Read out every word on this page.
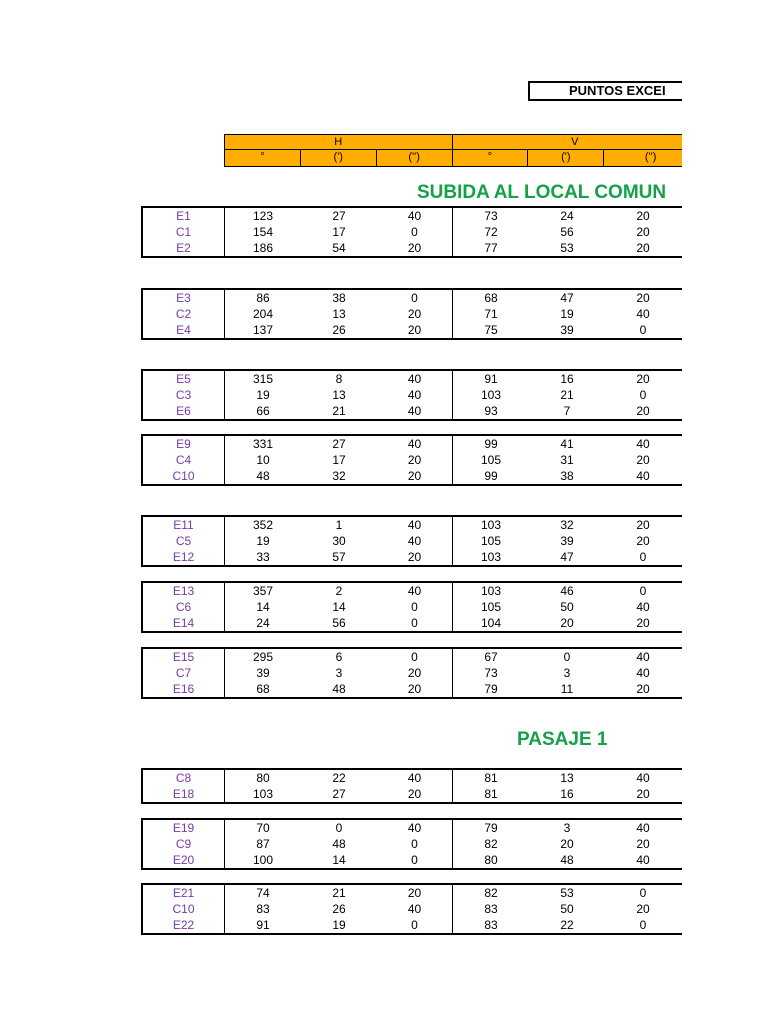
PUNTOS EXCEI
H	V
°	(')	('')	°	(')	('')
SUBIDA AL LOCAL COMUN
PASAJE 1
E1	123	27	40	73	24	20
C1	154	17	0	72	56	20
E2	186	54	20	77	53	20
E3	86	38	0	68	47	20
C2	204	13	20	71	19	40
E4	137	26	20	75	39	0
E5	315	8	40	91	16	20
C3	19	13	40	103	21	0
E6	66	21	40	93	7	20
E9	331	27	40	99	41	40
C4	10	17	20	105	31	20
C10	48	32	20	99	38	40
E11	352	1	40	103	32	20
C5	19	30	40	105	39	20
E12	33	57	20	103	47	0
E13	357	2	40	103	46	0
C6	14	14	0	105	50	40
E14	24	56	0	104	20	20
E15	295	6	0	67	0	40
C7	39	3	20	73	3	40
E16	68	48	20	79	11	20
C8	80	22	40	81	13	40
E18	103	27	20	81	16	20
E19	70	0	40	79	3	40
C9	87	48	0	82	20	20
E20	100	14	0	80	48	40
E21	74	21	20	82	53	0
C10	83	26	40	83	50	20
E22	91	19	0	83	22	0
